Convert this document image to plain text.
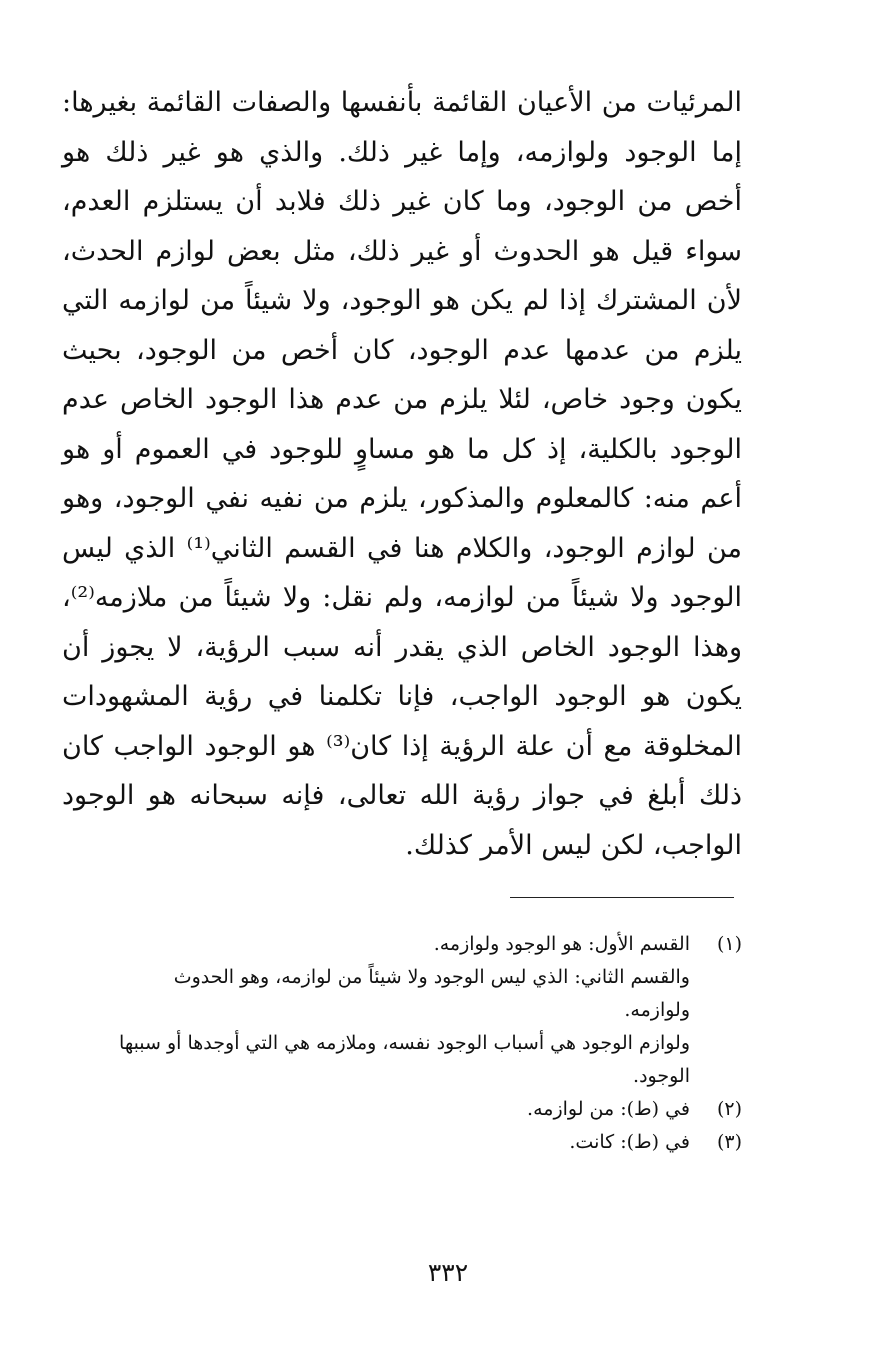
المرئيات من الأعيان القائمة بأنفسها والصفات القائمة بغيرها:
إما الوجود ولوازمه، وإما غير ذلك. والذي هو غير ذلك هو
أخص من الوجود، وما كان غير ذلك فلابد أن يستلزم العدم،
سواء قيل هو الحدوث أو غير ذلك، مثل بعض لوازم الحدث،
لأن المشترك إذا لم يكن هو الوجود، ولا شيئاً من لوازمه التي
يلزم من عدمها عدم الوجود، كان أخص من الوجود، بحيث
يكون وجود خاص، لئلا يلزم من عدم هذا الوجود الخاص عدم
الوجود بالكلية، إذ كل ما هو مساوٍ للوجود في العموم أو هو
أعم منه: كالمعلوم والمذكور، يلزم من نفيه نفي الوجود، وهو
من لوازم الوجود، والكلام هنا في القسم الثاني⁽¹⁾ الذي ليس
الوجود ولا شيئاً من لوازمه، ولم نقل: ولا شيئاً من ملازمه⁽²⁾،
وهذا الوجود الخاص الذي يقدر أنه سبب الرؤية، لا يجوز أن
يكون هو الوجود الواجب، فإنا تكلمنا في رؤية المشهودات
المخلوقة مع أن علة الرؤية إذا كان⁽³⁾ هو الوجود الواجب كان
ذلك أبلغ في جواز رؤية الله تعالى، فإنه سبحانه هو الوجود
الواجب، لكن ليس الأمر كذلك.
(١)
القسم الأول: هو الوجود ولوازمه.
والقسم الثاني: الذي ليس الوجود ولا شيئاً من لوازمه، وهو الحدوث
ولوازمه.
ولوازم الوجود هي أسباب الوجود نفسه، وملازمه هي التي أوجدها أو سببها
الوجود.
(٢)
في (ط): من لوازمه.
(٣)
في (ط): كانت.
٣٣٢
